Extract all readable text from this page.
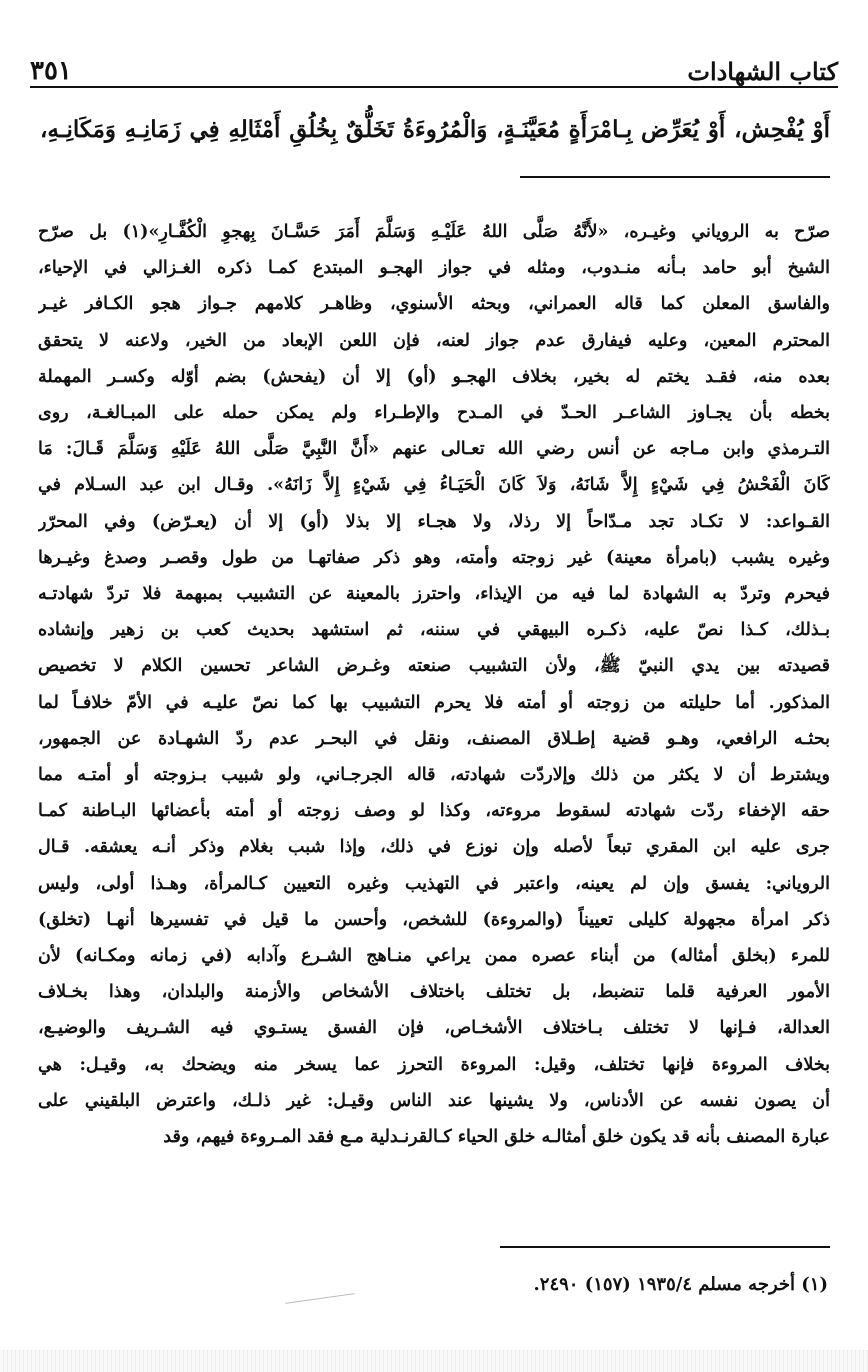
٣٥١	كتاب الشهادات
أَوْ يُفْحِش، أَوْ يُعَرِّض بِـامْرَأَةٍ مُعَيَّنَـةٍ، وَالْمُرُوءَةُ تَخَلُّقٌ بِخُلُقِ أَمْثَالِهِ فِي زَمَانِـهِ وَمَكَانِـهِ،

صرّح به الروياني وغيـره، «لأَنَّهُ صَلَّى اللهُ عَلَيْـهِ وَسَلَّمَ أَمَرَ حَسَّـانَ بِهجوِ الْكُفَّـارِ»(١) بل صرّح

الشيخ أبو حامد بـأنه منـدوب، ومثله في جواز الهجـو المبتدع كمـا ذكره الغـزالي في الإحياء،

والفاسق المعلن كما قاله العمراني، وبحثه الأسنوي، وظاهـر كلامهم جـواز هجو الكـافر غيـر

المحترم المعين، وعليه فيفارق عدم جواز لعنه، فإن اللعن الإبعاد من الخير، ولاعنه لا يتحقق

بعده منه، فقـد يختم له بخير، بخلاف الهجـو (أو) إلا أن (يفحش) بضم أوّله وكسـر المهملة

بخطه بأن يجـاوز الشاعـر الحـدّ في المـدح والإطـراء ولم يمكن حمله على المبـالغـة، روى

التـرمذي وابن مـاجه عن أنس رضي الله تعـالى عنهم «أَنَّ النَّبِيَّ صَلَّى اللهُ عَلَيْهِ وَسَلَّمَ قَـالَ: مَا

كَانَ الْفَحْشُ فِي شَيْءٍ إِلاَّ شَانَهُ، وَلاَ كَانَ الْحَيَـاءُ فِي شَيْءٍ إِلاَّ زَانَهُ». وقـال ابن عبد السـلام في

القـواعد: لا تكـاد تجد مـدّاحاً إلا رذلا، ولا هجـاء إلا بذلا (أو) إلا أن (يعـرّض) وفي المحرّر

وغيره يشبب (بامرأة معينة) غير زوجته وأمته، وهو ذكر صفاتهـا من طول وقصـر وصدغ وغيـرها

فيحرم وتردّ به الشهادة لما فيه من الإيذاء، واحترز بالمعينة عن التشبيب بمبهمة فلا تردّ شهادتـه

بـذلك، كـذا نصّ عليه، ذكـره البيهقي في سننه، ثم استشهد بحديث كعب بن زهير وإنشاده

قصيدته بين يدي النبيّ ﷺ، ولأن التشبيب صنعته وغـرض الشاعر تحسين الكلام لا تخصيص

المذكور. أما حليلته من زوجته أو أمته فلا يحرم التشبيب بها كما نصّ عليـه في الأمّ خلافـاً لما

بحثـه الرافعي، وهـو قضية إطـلاق المصنف، ونقل في البحـر عدم ردّ الشهـادة عن الجمهور،

ويشترط أن لا يكثر من ذلك وإلاردّت شهادته، قاله الجرجـاني، ولو شبيب بـزوجته أو أمتـه مما

حقه الإخفاء ردّت شهادته لسقوط مروءته، وكذا لو وصف زوجته أو أمته بأعضائها البـاطنة كمـا

جرى عليه ابن المقري تبعاً لأصله وإن نوزع في ذلك، وإذا شبب بغلام وذكر أنـه يعشقه. قـال

الروياني: يفسق وإن لم يعينه، واعتبر في التهذيب وغيره التعيين كـالمرأة، وهـذا أولى، وليس

ذكر امرأة مجهولة كليلى تعييناً (والمروءة) للشخص، وأحسن ما قيل في تفسيرها أنهـا (تخلق)

للمرء (بخلق أمثاله) من أبناء عصره ممن يراعي منـاهج الشـرع وآدابه (في زمانه ومكـانه) لأن

الأمور العرفية قلما تنضبط، بل تختلف باختلاف الأشخاص والأزمنة والبلدان، وهذا بخـلاف

العدالة، فـإنها لا تختلف بـاختلاف الأشخـاص، فإن الفسق يستـوي فيه الشـريف والوضيـع،

بخلاف المروءة فإنها تختلف، وقيل: المروءة التحرز عما يسخر منه ويضحك به، وقيـل: هي

أن يصون نفسه عن الأدناس، ولا يشينها عند الناس وقيـل: غير ذلـك، واعترض البلقيني على

عبارة المصنف بأنه قد يكون خلق أمثالـه خلق الحياء كـالقرنـدلية مـع فقد المـروءة فيهم، وقد

(١) أخرجه مسلم ١٩٣٥/٤ (١٥٧) ٢٤٩٠.
